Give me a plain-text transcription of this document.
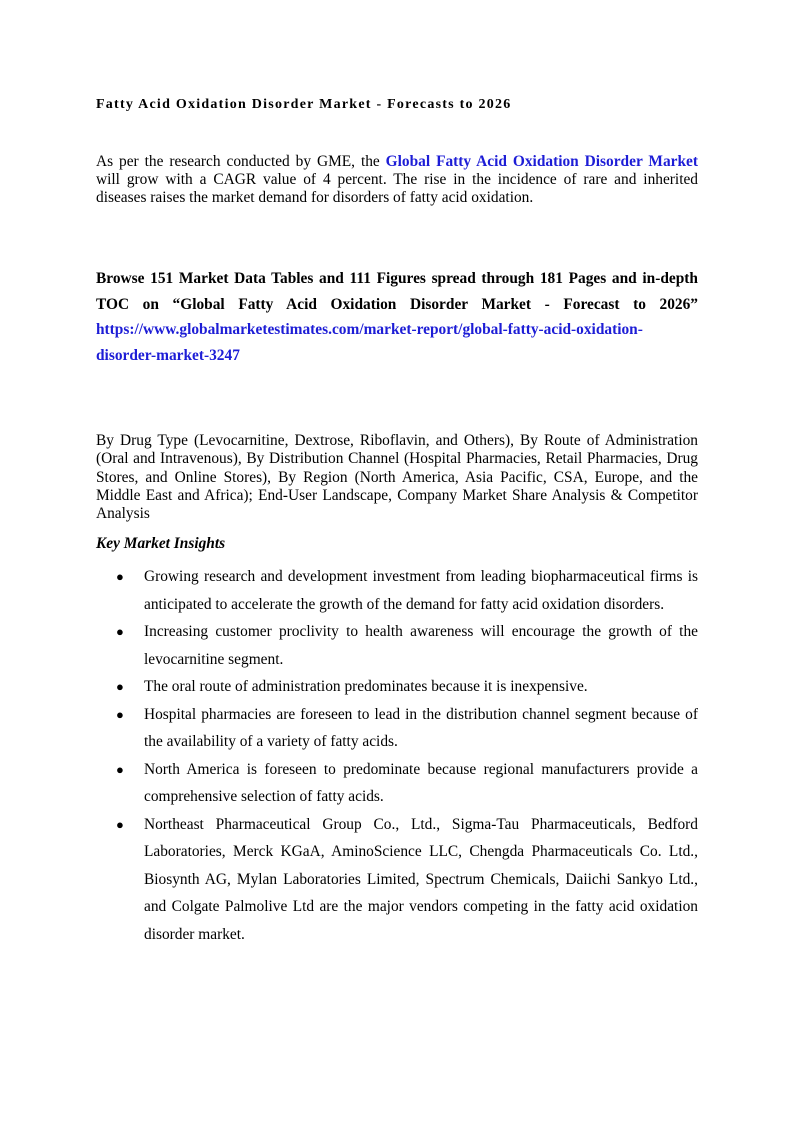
Fatty Acid Oxidation Disorder Market - Forecasts to 2026

As per the research conducted by GME, the Global Fatty Acid Oxidation Disorder Market will grow with a CAGR value of 4 percent. The rise in the incidence of rare and inherited diseases raises the market demand for disorders of fatty acid oxidation.

Browse 151 Market Data Tables and 111 Figures spread through 181 Pages and in-depth TOC on “Global Fatty Acid Oxidation Disorder Market - Forecast to 2026” https://www.globalmarketestimates.com/market-report/global-fatty-acid-oxidation-disorder-market-3247

By Drug Type (Levocarnitine, Dextrose, Riboflavin, and Others), By Route of Administration (Oral and Intravenous), By Distribution Channel (Hospital Pharmacies, Retail Pharmacies, Drug Stores, and Online Stores), By Region (North America, Asia Pacific, CSA, Europe, and the Middle East and Africa); End-User Landscape, Company Market Share Analysis & Competitor Analysis

Key Market Insights
● Growing research and development investment from leading biopharmaceutical firms is anticipated to accelerate the growth of the demand for fatty acid oxidation disorders.
● Increasing customer proclivity to health awareness will encourage the growth of the levocarnitine segment.
● The oral route of administration predominates because it is inexpensive.
● Hospital pharmacies are foreseen to lead in the distribution channel segment because of the availability of a variety of fatty acids.
● North America is foreseen to predominate because regional manufacturers provide a comprehensive selection of fatty acids.
● Northeast Pharmaceutical Group Co., Ltd., Sigma-Tau Pharmaceuticals, Bedford Laboratories, Merck KGaA, AminoScience LLC, Chengda Pharmaceuticals Co. Ltd., Biosynth AG, Mylan Laboratories Limited, Spectrum Chemicals, Daiichi Sankyo Ltd., and Colgate Palmolive Ltd are the major vendors competing in the fatty acid oxidation disorder market.
